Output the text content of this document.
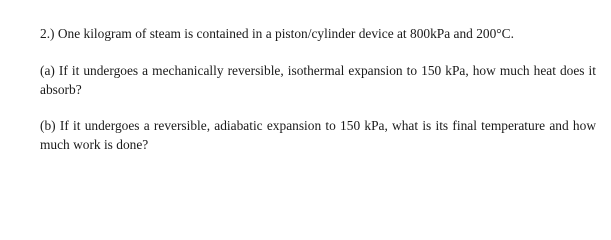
2.) One kilogram of steam is contained in a piston/cylinder device at 800kPa and 200°C.

(a) If it undergoes a mechanically reversible, isothermal expansion to 150 kPa, how much heat does it absorb?

(b) If it undergoes a reversible, adiabatic expansion to 150 kPa, what is its final temperature and how much work is done?
